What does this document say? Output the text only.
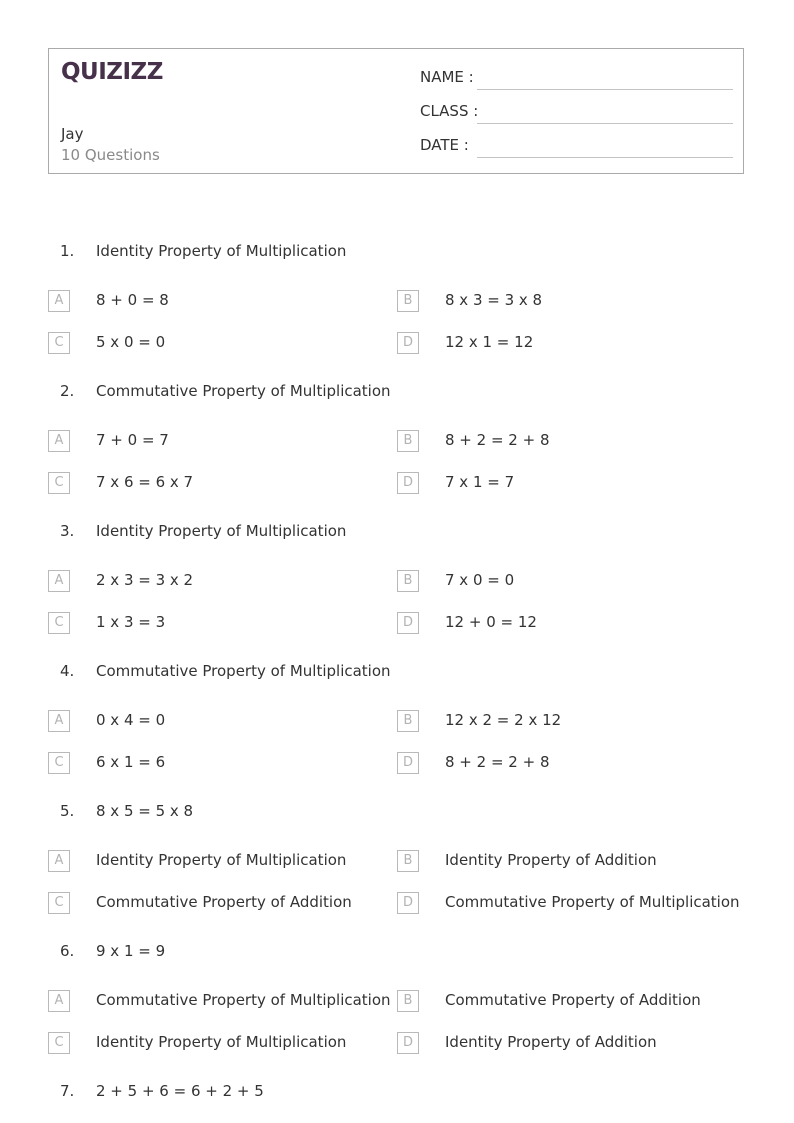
QUIZIZZ
Jay
10 Questions
NAME :
CLASS :
DATE :
1. Identity Property of Multiplication
A	8 + 0 = 8	B	8 x 3 = 3 x 8
C	5 x 0 = 0	D	12 x 1 = 12
2. Commutative Property of Multiplication
A	7 + 0 = 7	B	8 + 2 = 2 + 8
C	7 x 6 = 6 x 7	D	7 x 1 = 7
3. Identity Property of Multiplication
A	2 x 3 = 3 x 2	B	7 x 0 = 0
C	1 x 3 = 3	D	12 + 0 = 12
4. Commutative Property of Multiplication
A	0 x 4 = 0	B	12 x 2 = 2 x 12
C	6 x 1 = 6	D	8 + 2 = 2 + 8
5. 8 x 5 = 5 x 8
A	Identity Property of Multiplication	B	Identity Property of Addition
C	Commutative Property of Addition	D	Commutative Property of Multiplication
6. 9 x 1 = 9
A	Commutative Property of Multiplication B	Commutative Property of Addition
C	Identity Property of Multiplication	D	Identity Property of Addition
7. 2 + 5 + 6 = 6 + 2 + 5
